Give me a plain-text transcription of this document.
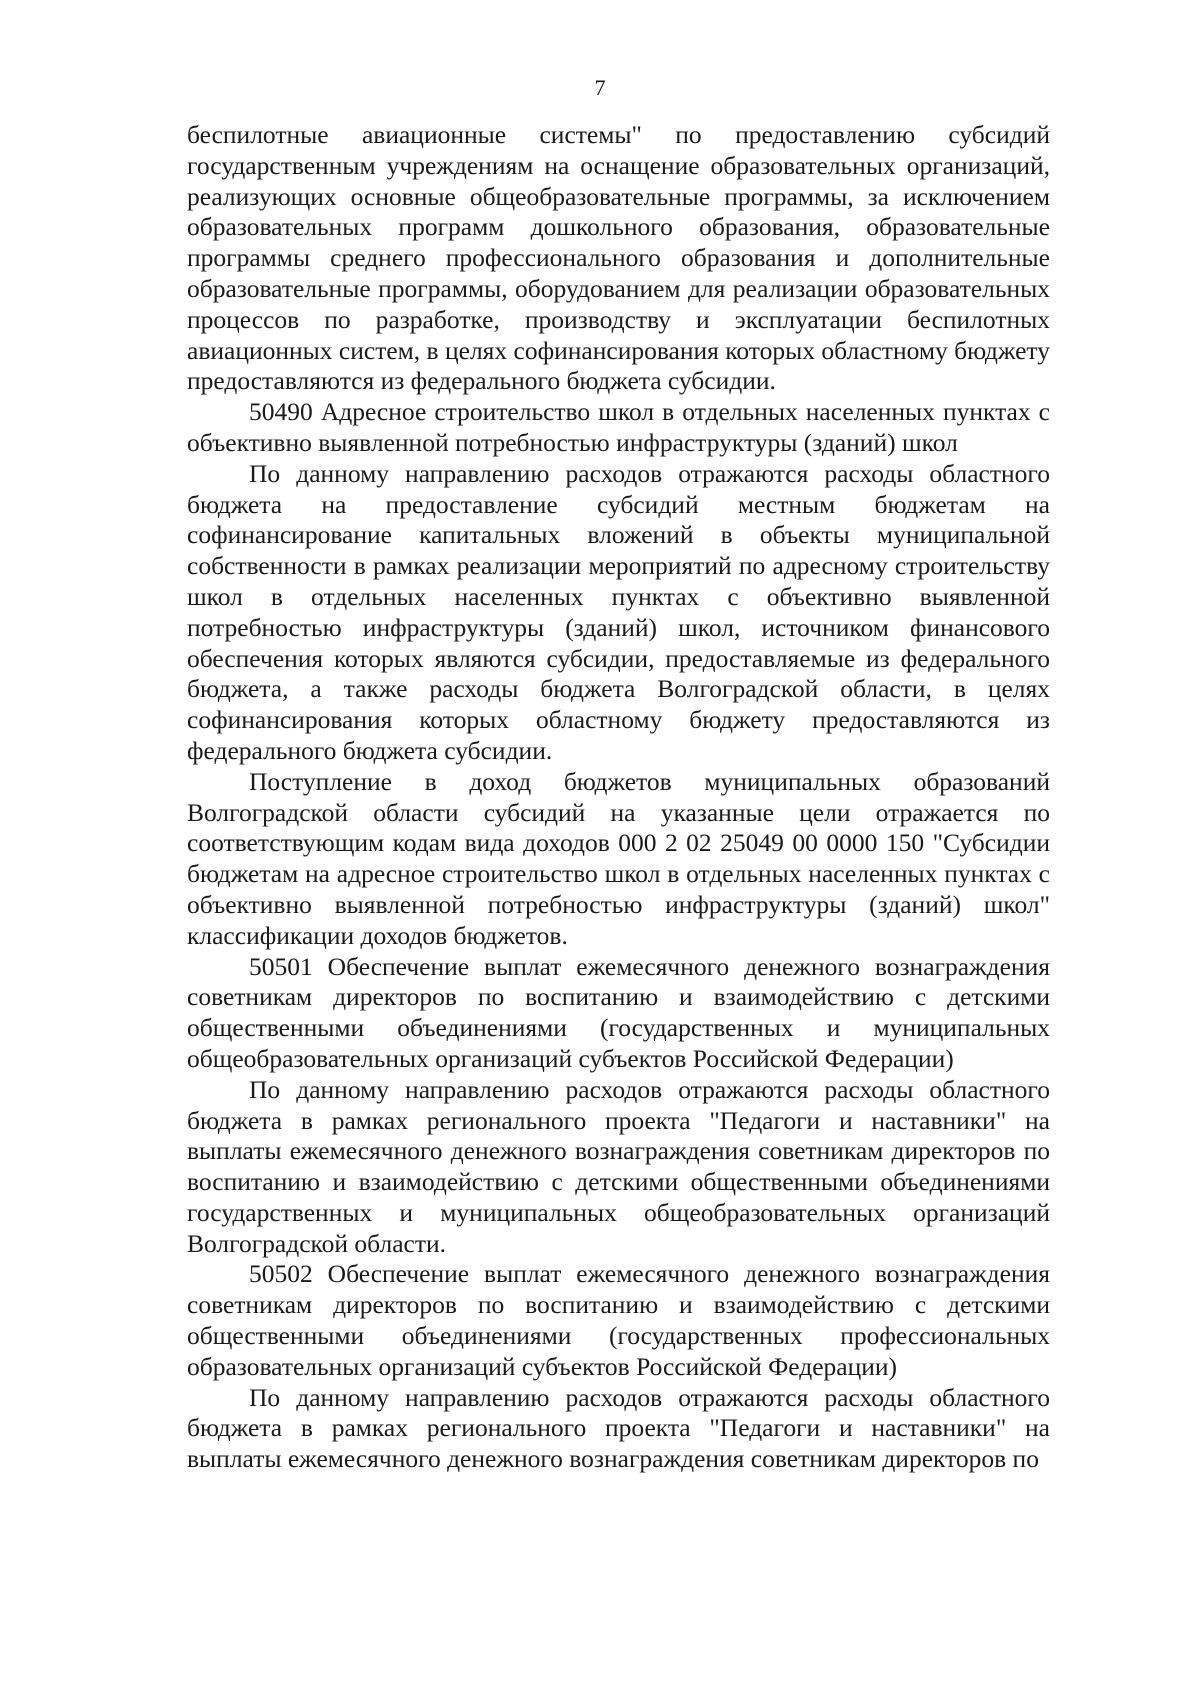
7

беспилотные авиационные системы" по предоставлению субсидий государственным учреждениям на оснащение образовательных организаций, реализующих основные общеобразовательные программы, за исключением образовательных программ дошкольного образования, образовательные программы среднего профессионального образования и дополнительные образовательные программы, оборудованием для реализации образовательных процессов по разработке, производству и эксплуатации беспилотных авиационных систем, в целях софинансирования которых областному бюджету предоставляются из федерального бюджета субсидии.

50490 Адресное строительство школ в отдельных населенных пунктах с объективно выявленной потребностью инфраструктуры (зданий) школ

По данному направлению расходов отражаются расходы областного бюджета на предоставление субсидий местным бюджетам на софинансирование капитальных вложений в объекты муниципальной собственности в рамках реализации мероприятий по адресному строительству школ в отдельных населенных пунктах с объективно выявленной потребностью инфраструктуры (зданий) школ, источником финансового обеспечения которых являются субсидии, предоставляемые из федерального бюджета, а также расходы бюджета Волгоградской области, в целях софинансирования которых областному бюджету предоставляются из федерального бюджета субсидии.

Поступление в доход бюджетов муниципальных образований Волгоградской области субсидий на указанные цели отражается по соответствующим кодам вида доходов 000 2 02 25049 00 0000 150 "Субсидии бюджетам на адресное строительство школ в отдельных населенных пунктах с объективно выявленной потребностью инфраструктуры (зданий) школ" классификации доходов бюджетов.

50501 Обеспечение выплат ежемесячного денежного вознаграждения советникам директоров по воспитанию и взаимодействию с детскими общественными объединениями (государственных и муниципальных общеобразовательных организаций субъектов Российской Федерации)

По данному направлению расходов отражаются расходы областного бюджета в рамках регионального проекта "Педагоги и наставники" на выплаты ежемесячного денежного вознаграждения советникам директоров по воспитанию и взаимодействию с детскими общественными объединениями государственных и муниципальных общеобразовательных организаций Волгоградской области.

50502 Обеспечение выплат ежемесячного денежного вознаграждения советникам директоров по воспитанию и взаимодействию с детскими общественными объединениями (государственных профессиональных образовательных организаций субъектов Российской Федерации)

По данному направлению расходов отражаются расходы областного бюджета в рамках регионального проекта "Педагоги и наставники" на выплаты ежемесячного денежного вознаграждения советникам директоров по
